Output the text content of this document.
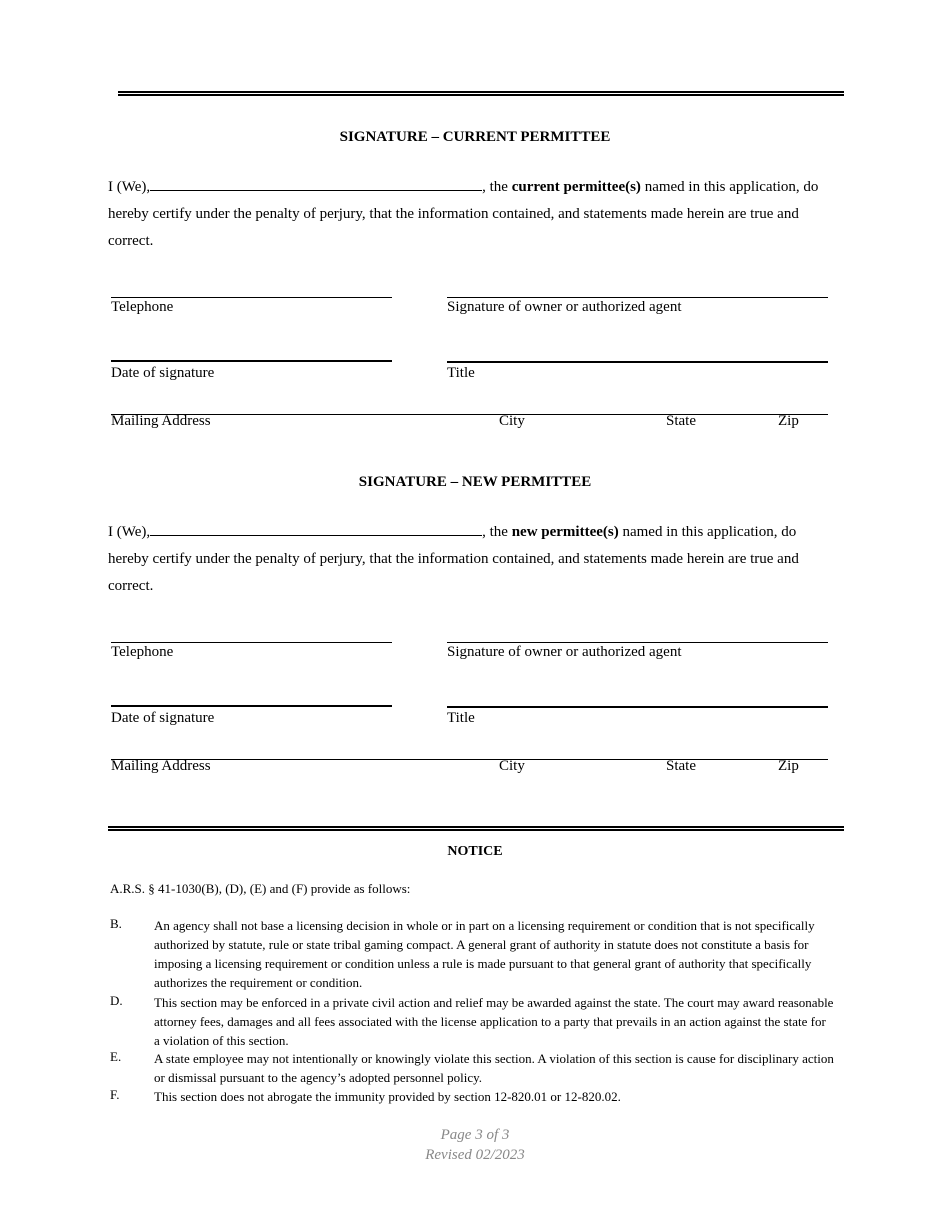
SIGNATURE – CURRENT PERMITTEE
I (We),	, the current permittee(s) named in this application, do hereby certify under the penalty of perjury, that the information contained, and statements made herein are true and correct.
Telephone	Signature of owner or authorized agent
Date of signature	Title
Mailing Address	City	State	Zip
SIGNATURE – NEW PERMITTEE
I (We),	, the new permittee(s) named in this application, do hereby certify under the penalty of perjury, that the information contained, and statements made herein are true and correct.
Telephone	Signature of owner or authorized agent
Date of signature	Title
Mailing Address	City	State	Zip
NOTICE
A.R.S. § 41-1030(B), (D), (E) and (F) provide as follows:
B. An agency shall not base a licensing decision in whole or in part on a licensing requirement or condition that is not specifically authorized by statute, rule or state tribal gaming compact. A general grant of authority in statute does not constitute a basis for imposing a licensing requirement or condition unless a rule is made pursuant to that general grant of authority that specifically authorizes the requirement or condition.
D. This section may be enforced in a private civil action and relief may be awarded against the state. The court may award reasonable attorney fees, damages and all fees associated with the license application to a party that prevails in an action against the state for a violation of this section.
E.	A state employee may not intentionally or knowingly violate this section. A violation of this section is cause for disciplinary action or dismissal pursuant to the agency’s adopted personnel policy.
F.	This section does not abrogate the immunity provided by section 12-820.01 or 12-820.02.
Page 3 of 3
Revised 02/2023
